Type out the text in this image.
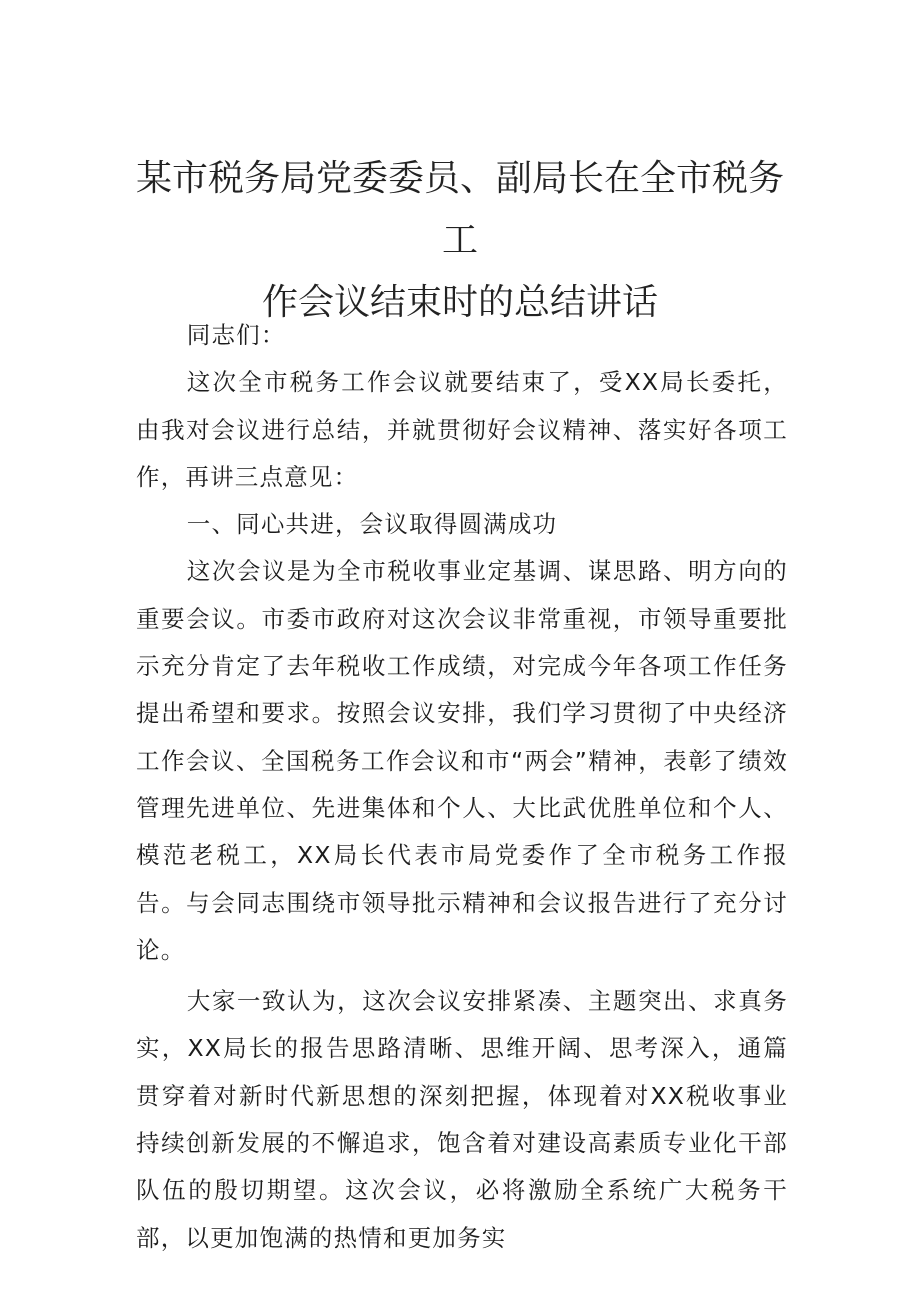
某市税务局党委委员、副局长在全市税务工
作会议结束时的总结讲话

同志们：

这次全市税务工作会议就要结束了，受XX局长委托，由我对会议进行总结，并就贯彻好会议精神、落实好各项工作，再讲三点意见：

一、同心共进，会议取得圆满成功

这次会议是为全市税收事业定基调、谋思路、明方向的重要会议。市委市政府对这次会议非常重视，市领导重要批示充分肯定了去年税收工作成绩，对完成今年各项工作任务提出希望和要求。按照会议安排，我们学习贯彻了中央经济工作会议、全国税务工作会议和市“两会”精神，表彰了绩效管理先进单位、先进集体和个人、大比武优胜单位和个人、模范老税工，XX局长代表市局党委作了全市税务工作报告。与会同志围绕市领导批示精神和会议报告进行了充分讨论。

大家一致认为，这次会议安排紧凑、主题突出、求真务实，XX局长的报告思路清晰、思维开阔、思考深入，通篇贯穿着对新时代新思想的深刻把握，体现着对XX税收事业持续创新发展的不懈追求，饱含着对建设高素质专业化干部队伍的殷切期望。这次会议，必将激励全系统广大税务干部，以更加饱满的热情和更加务实
